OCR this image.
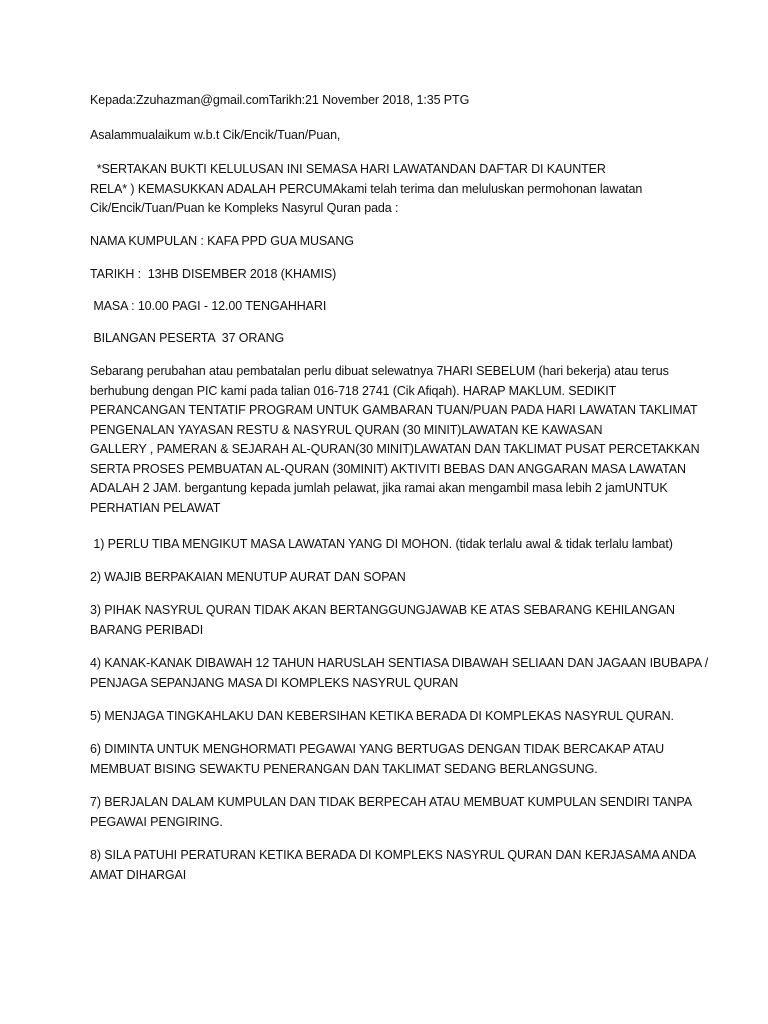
Kepada:Zzuhazman@gmail.comTarikh:21 November 2018, 1:35 PTG

Asalammualaikum w.b.t Cik/Encik/Tuan/Puan,

*SERTAKAN BUKTI KELULUSAN INI SEMASA HARI LAWATANDAN DAFTAR DI KAUNTER
RELA* ) KEMASUKKAN ADALAH PERCUMAkami telah terima dan meluluskan permohonan lawatan
Cik/Encik/Tuan/Puan ke Kompleks Nasyrul Quran pada :

NAMA KUMPULAN : KAFA PPD GUA MUSANG

TARIKH :  13HB DISEMBER 2018 (KHAMIS)

MASA : 10.00 PAGI - 12.00 TENGAHHARI

BILANGAN PESERTA  37 ORANG

Sebarang perubahan atau pembatalan perlu dibuat selewatnya 7HARI SEBELUM (hari bekerja) atau terus
berhubung dengan PIC kami pada talian 016-718 2741 (Cik Afiqah). HARAP MAKLUM. SEDIKIT
PERANCANGAN TENTATIF PROGRAM UNTUK GAMBARAN TUAN/PUAN PADA HARI LAWATAN TAKLIMAT
PENGENALAN YAYASAN RESTU & NASYRUL QURAN (30 MINIT)LAWATAN KE KAWASAN
GALLERY , PAMERAN & SEJARAH AL-QURAN(30 MINIT)LAWATAN DAN TAKLIMAT PUSAT PERCETAKKAN
SERTA PROSES PEMBUATAN AL-QURAN (30MINIT) AKTIVITI BEBAS DAN ANGGARAN MASA LAWATAN
ADALAH 2 JAM. bergantung kepada jumlah pelawat, jika ramai akan mengambil masa lebih 2 jamUNTUK
PERHATIAN PELAWAT

1) PERLU TIBA MENGIKUT MASA LAWATAN YANG DI MOHON. (tidak terlalu awal & tidak terlalu lambat)

2) WAJIB BERPAKAIAN MENUTUP AURAT DAN SOPAN

3) PIHAK NASYRUL QURAN TIDAK AKAN BERTANGGUNGJAWAB KE ATAS SEBARANG KEHILANGAN
BARANG PERIBADI

4) KANAK-KANAK DIBAWAH 12 TAHUN HARUSLAH SENTIASA DIBAWAH SELIAAN DAN JAGAAN IBUBAPA /
PENJAGA SEPANJANG MASA DI KOMPLEKS NASYRUL QURAN

5) MENJAGA TINGKAHLAKU DAN KEBERSIHAN KETIKA BERADA DI KOMPLEKAS NASYRUL QURAN.

6) DIMINTA UNTUK MENGHORMATI PEGAWAI YANG BERTUGAS DENGAN TIDAK BERCAKAP ATAU
MEMBUAT BISING SEWAKTU PENERANGAN DAN TAKLIMAT SEDANG BERLANGSUNG.

7) BERJALAN DALAM KUMPULAN DAN TIDAK BERPECAH ATAU MEMBUAT KUMPULAN SENDIRI TANPA
PEGAWAI PENGIRING.

8) SILA PATUHI PERATURAN KETIKA BERADA DI KOMPLEKS NASYRUL QURAN DAN KERJASAMA ANDA
AMAT DIHARGAI
